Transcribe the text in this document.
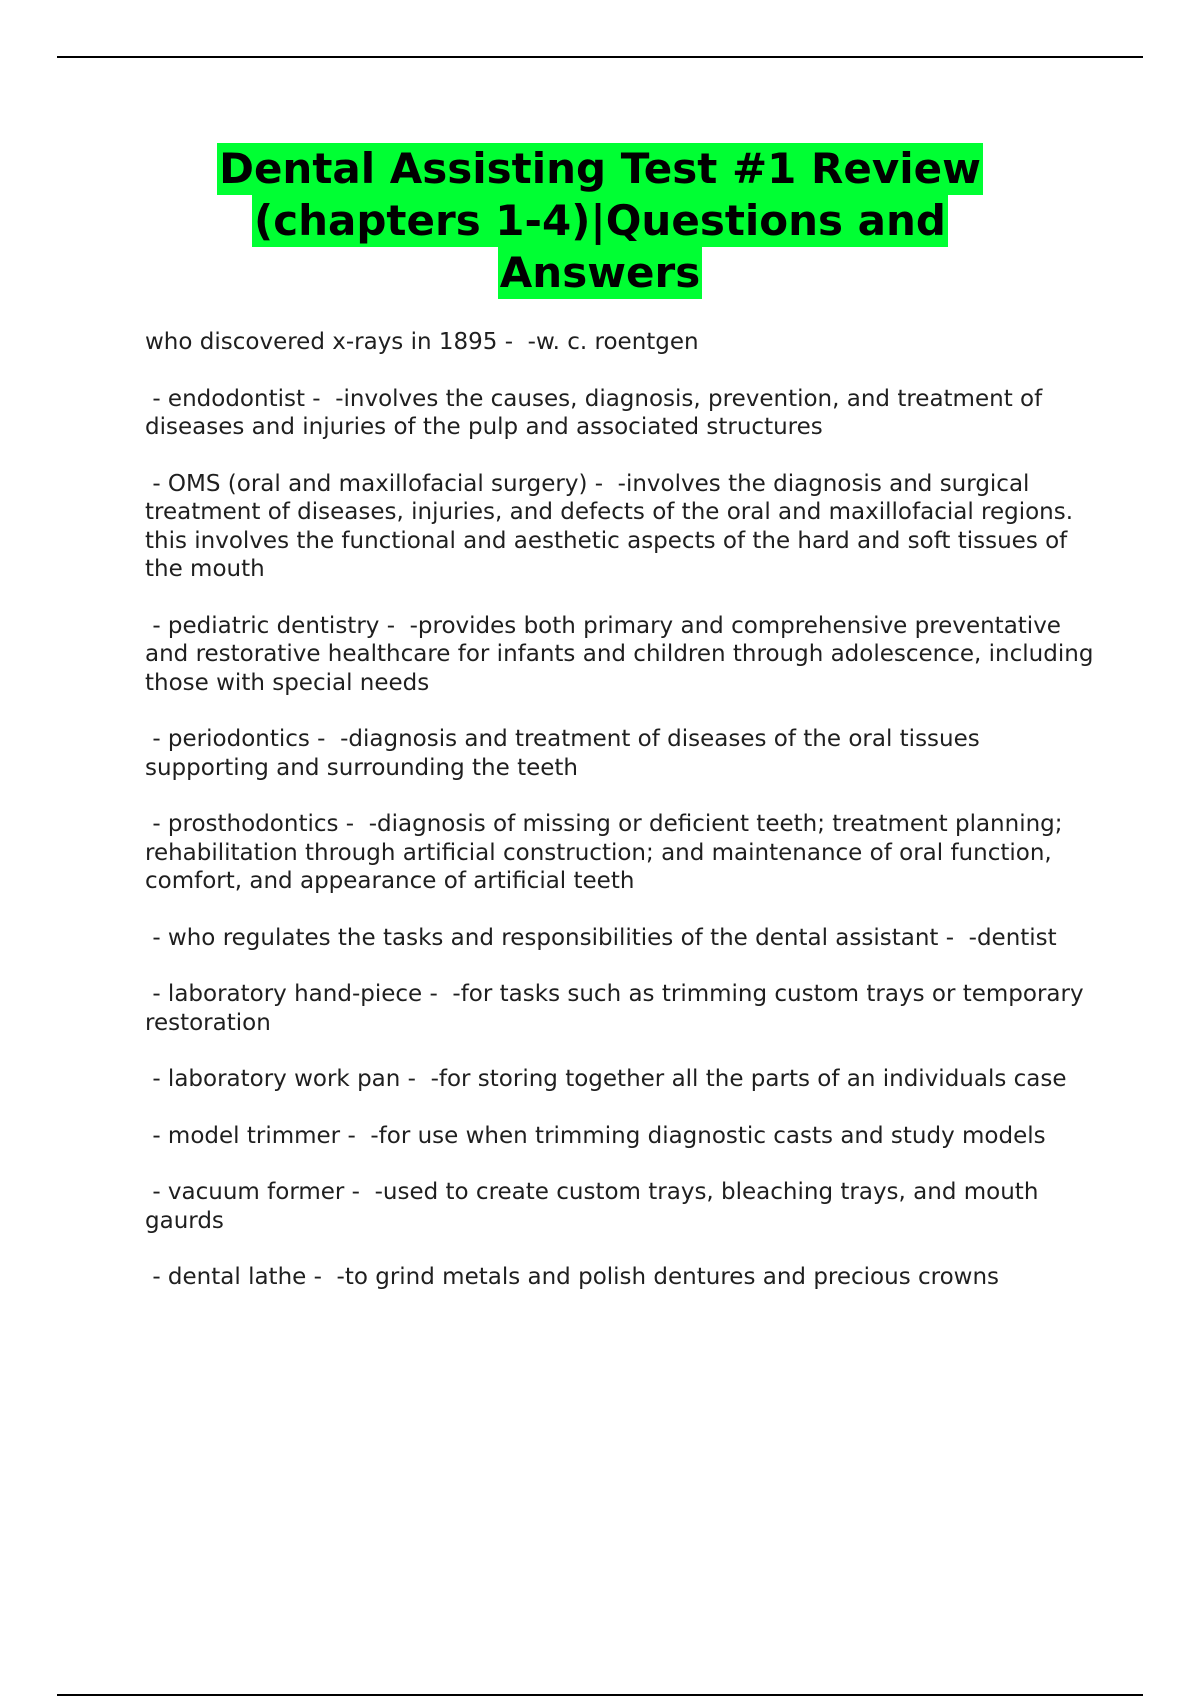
Dental Assisting Test #1 Review
(chapters 1-4)|Questions and
Answers
who discovered x-rays in 1895 -  -w. c. roentgen
- endodontist -  -involves the causes, diagnosis, prevention, and treatment of diseases and injuries of the pulp and associated structures
- OMS (oral and maxillofacial surgery) -  -involves the diagnosis and surgical treatment of diseases, injuries, and defects of the oral and maxillofacial regions. this involves the functional and aesthetic aspects of the hard and soft tissues of the mouth
- pediatric dentistry -  -provides both primary and comprehensive preventative and restorative healthcare for infants and children through adolescence, including those with special needs
- periodontics -  -diagnosis and treatment of diseases of the oral tissues supporting and surrounding the teeth
- prosthodontics -  -diagnosis of missing or deficient teeth; treatment planning; rehabilitation through artificial construction; and maintenance of oral function, comfort, and appearance of artificial teeth
- who regulates the tasks and responsibilities of the dental assistant -  -dentist
- laboratory hand-piece -  -for tasks such as trimming custom trays or temporary restoration
- laboratory work pan -  -for storing together all the parts of an individuals case
- model trimmer -  -for use when trimming diagnostic casts and study models
- vacuum former -  -used to create custom trays, bleaching trays, and mouth gaurds
- dental lathe -  -to grind metals and polish dentures and precious crowns
